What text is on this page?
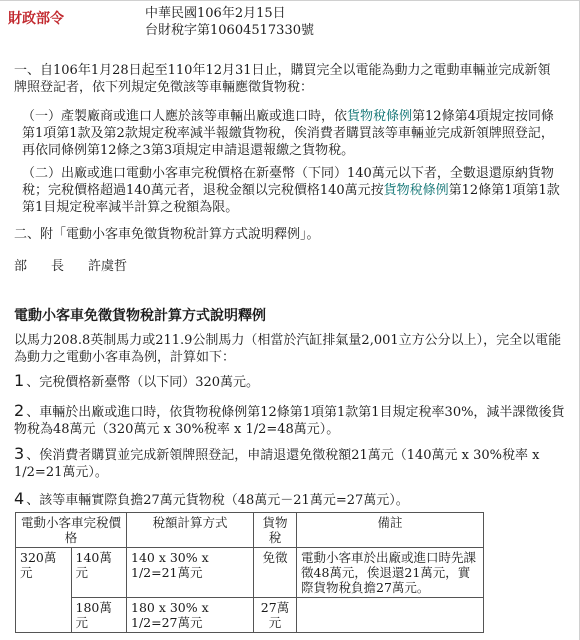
財政部令	中華民國106年2月15日
台財稅字第10604517330號
一、自106年1月28日起至110年12月31日止，購買完全以電能為動力之電動車輛並完成新領牌照登記者，依下列規定免徵該等車輛應徵貨物稅：
（一）產製廠商或進口人應於該等車輛出廠或進口時，依貨物稅條例第12條第4項規定按同條第1項第1款及第2款規定稅率減半報繳貨物稅，俟消費者購買該等車輛並完成新領牌照登記，再依同條例第12條之3第3項規定申請退還報繳之貨物稅。
（二）出廠或進口電動小客車完稅價格在新臺幣（下同）140萬元以下者，全數退還原納貨物稅；完稅價格超過140萬元者，退稅金額以完稅價格140萬元按貨物稅條例第12條第1項第1款第1目規定稅率減半計算之稅額為限。
二、附「電動小客車免徵貨物稅計算方式說明釋例」。
部 長 許虞哲
電動小客車免徵貨物稅計算方式說明釋例
以馬力208.8英制馬力或211.9公制馬力（相當於汽缸排氣量2,001立方公分以上），完全以電能為動力之電動小客車為例，計算如下：
1 、完稅價格新臺幣（以下同）320萬元。
2 、車輛於出廠或進口時，依貨物稅條例第12條第1項第1款第1目規定稅率30%，減半課徵後貨物稅為48萬元（320萬元 x 30%稅率 x 1/2=48萬元）。
3 、俟消費者購買並完成新領牌照登記，申請退還免徵稅額21萬元（140萬元 x 30%稅率 x 1/2=21萬元）。
4 、該等車輛實際負擔27萬元貨物稅（48萬元－21萬元=27萬元）。
電動小客車完稅價格		稅額計算方式	貨物稅	備註
320萬元	140萬元	140 x 30% x 1/2=21萬元	免徵	電動小客車於出廠或進口時先課徵48萬元，俟退還21萬元，實際貨物稅負擔27萬元。
	180萬元	180 x 30% x 1/2=27萬元	27萬元	
